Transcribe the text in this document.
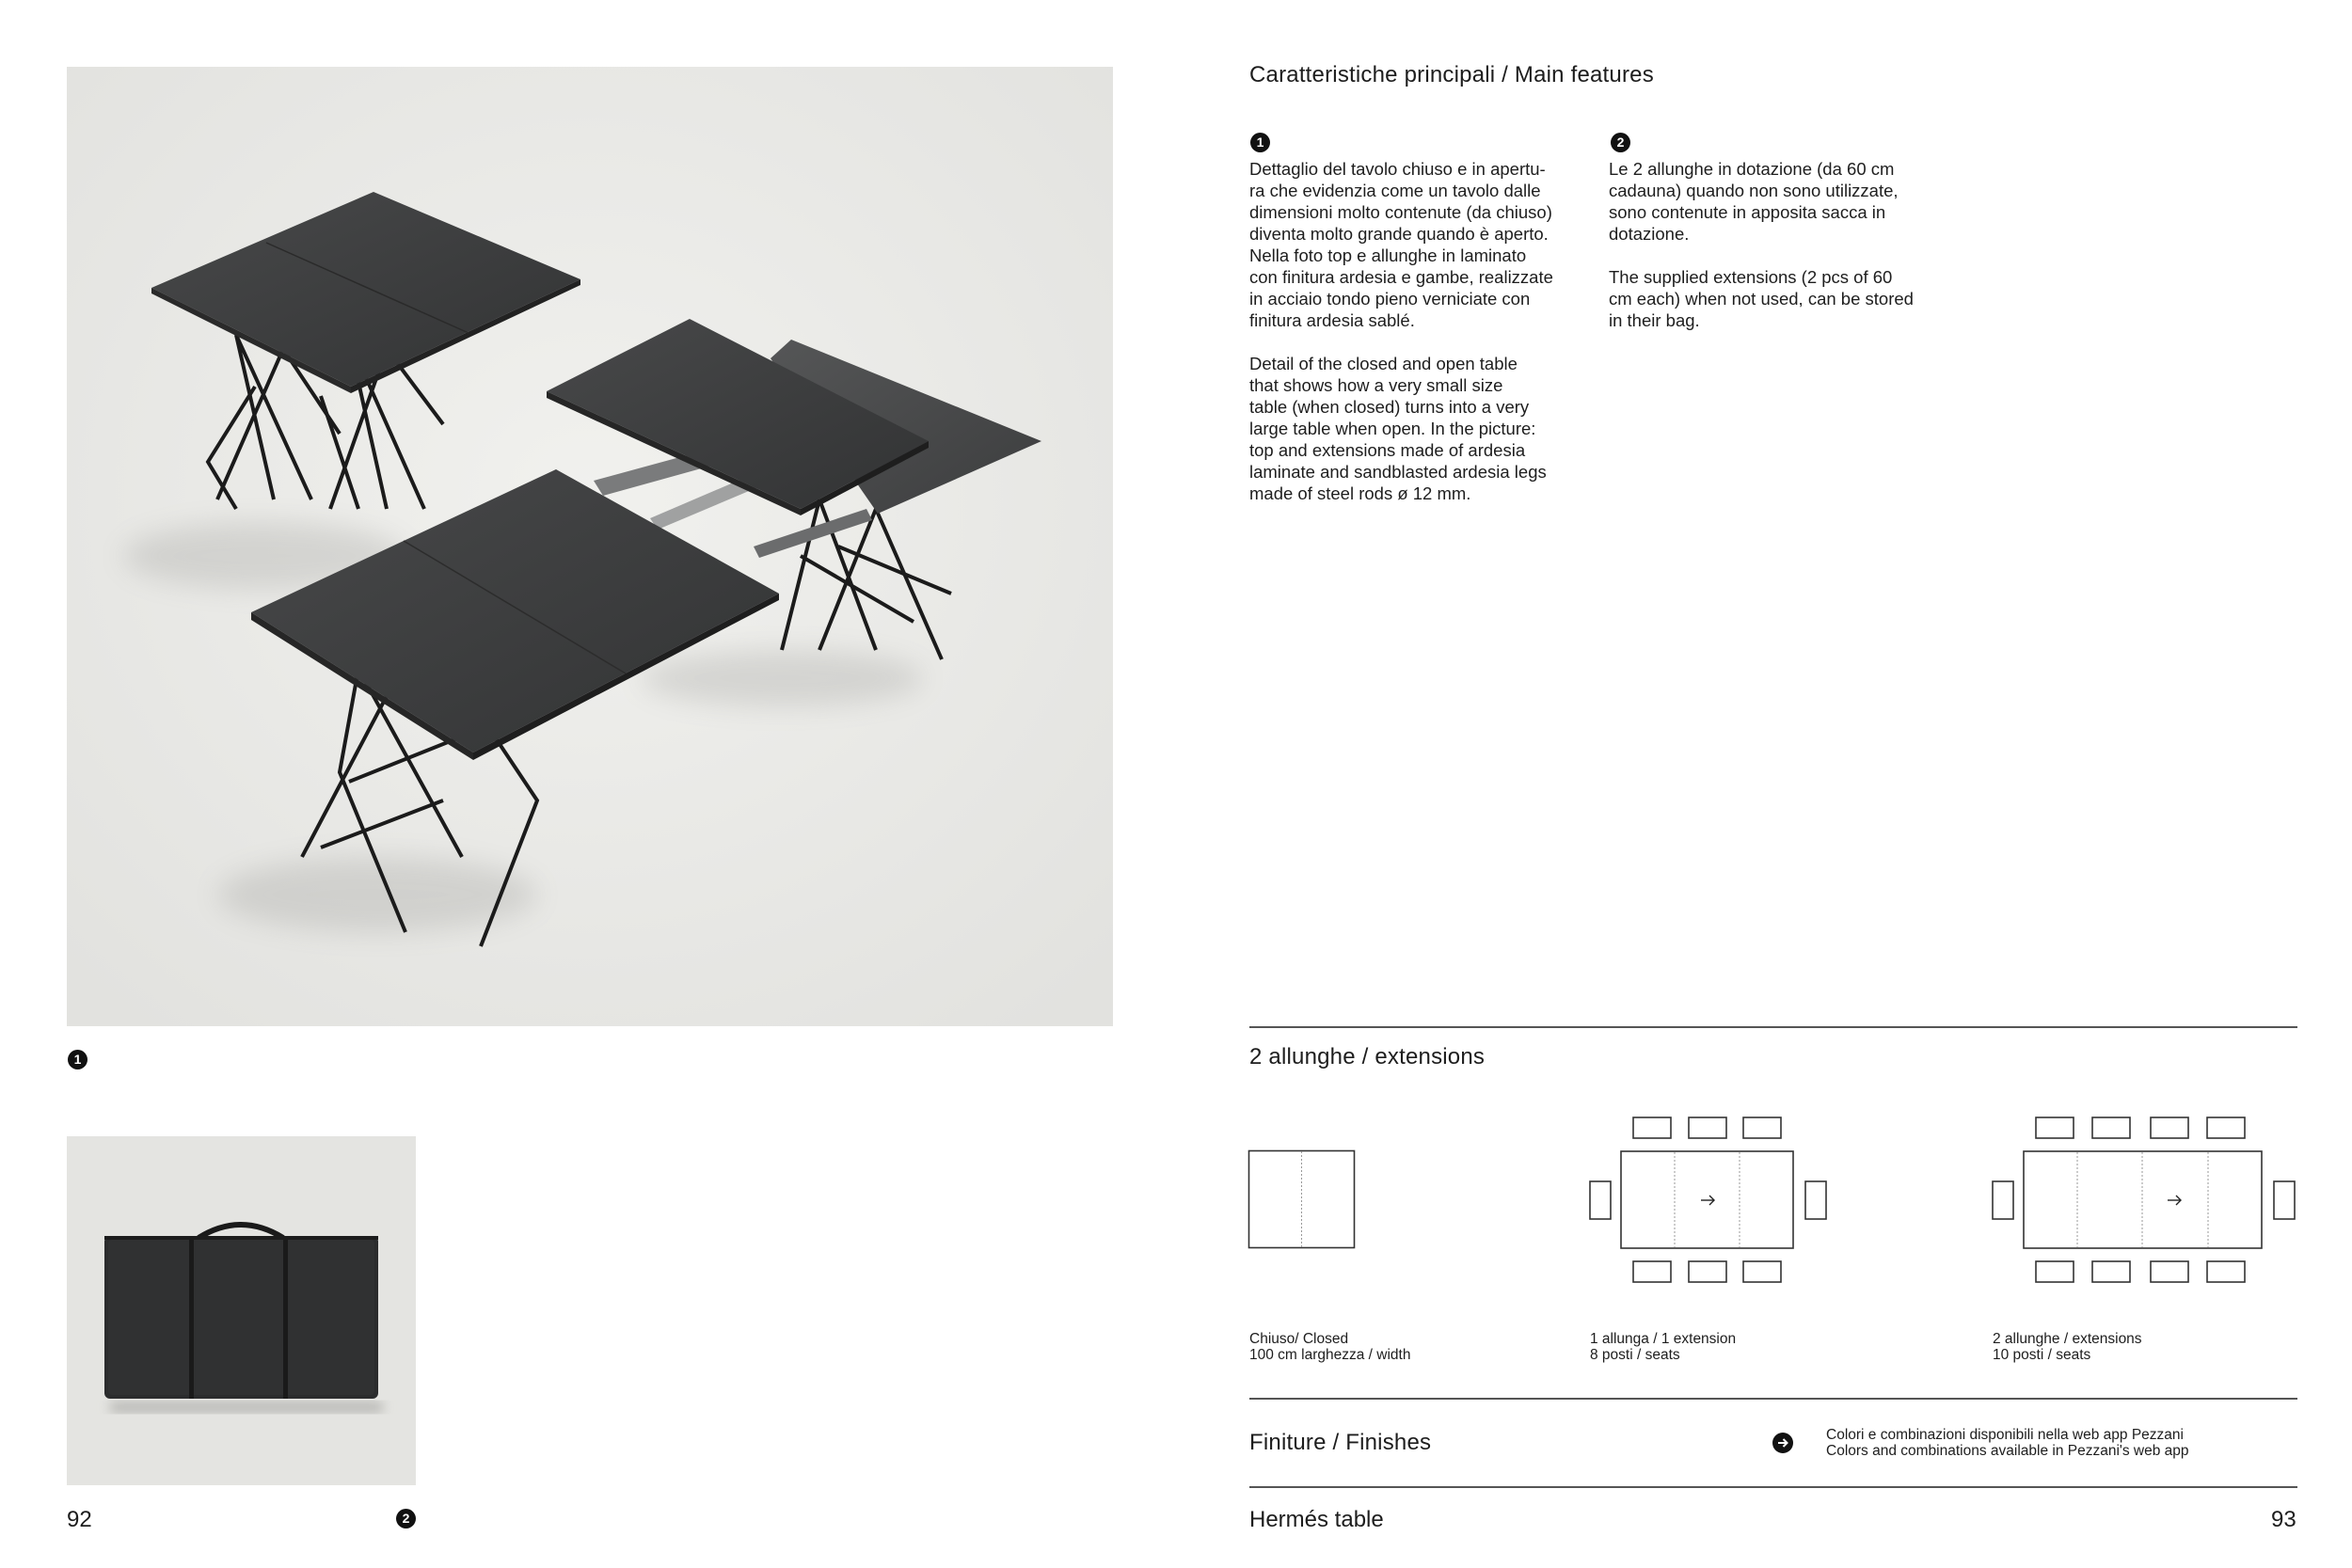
1
92	2
Caratteristiche principali / Main features
1

Dettaglio del tavolo chiuso e in apertu-
ra che evidenzia come un tavolo dalle
dimensioni molto contenute (da chiuso)
diventa molto grande quando è aperto.
Nella foto top e allunghe in laminato
con finitura ardesia e gambe, realizzate
in acciaio tondo pieno verniciate con
finitura ardesia sablé.

Detail of the closed and open table
that shows how a very small size
table (when closed) turns into a very
large table when open. In the picture:
top and extensions made of ardesia
laminate and sandblasted ardesia legs
made of steel rods ø 12 mm.

2

Le 2 allunghe in dotazione (da 60 cm
cadauna) quando non sono utilizzate,
sono contenute in apposita sacca in
dotazione.

The supplied extensions (2 pcs of 60
cm each) when not used, can be stored
in their bag.

2 allunghe / extensions
Chiuso/ Closed
100 cm larghezza / width
1 allunga / 1 extension
8 posti / seats
2 allunghe / extensions
10 posti / seats
Finiture / Finishes	Colori e combinazioni disponibili nella web app Pezzani
Colors and combinations available in Pezzani's web app
Hermés table	93
